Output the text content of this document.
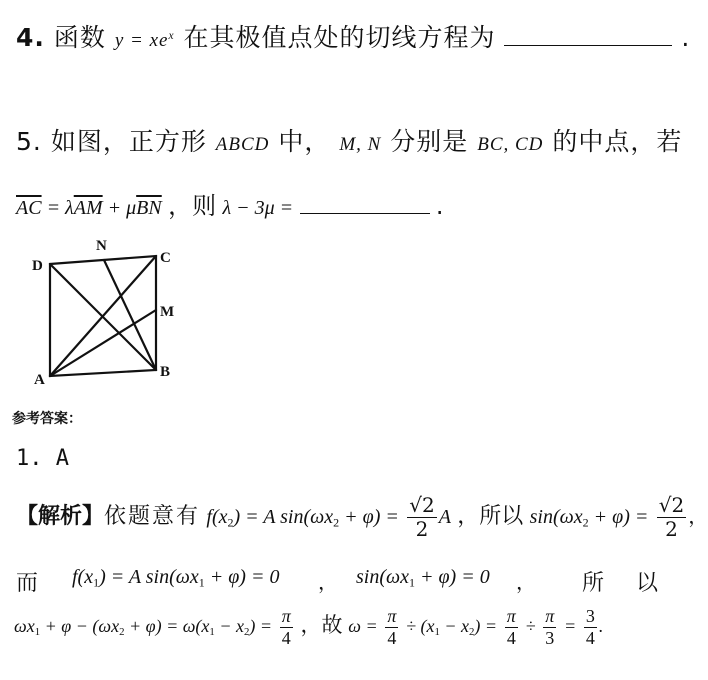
4. 函数 $y = xe^x$ 在其极值点处的切线方程为	.
5. 如图，正方形 ABCD 中， M, N 分别是 BC, CD 的中点，若
$\overline{AC} = \lambda\overline{AM} + \mu\overline{BN}$ ，则 λ − 3μ =	.
D
N
C
M
B
A
参考答案：
1. A
【解析】依题意有 $f(x_2) = A$ $\sin(\omega x_2 + \varphi) = \frac{√2}{2}$ A ，所以 $\sin(\omega x_2 + \varphi) = \frac{√2}{2}$ ，
而 $f(x_1) = A$ $\sin(\omega x_1 + \varphi) = 0$ ， $\sin(\omega x_1 + \varphi) = 0$ ， 所 以
$\omega x_1 + \varphi - (\omega x_2 + \varphi) = \omega(x_1 - x_2) = \frac{\pi}{4}$ ，故 $\omega = \frac{\pi}{4} \div (x_1 - x_2) = \frac{\pi}{4} \div \frac{\pi}{3} = \frac{3}{4}$ .
